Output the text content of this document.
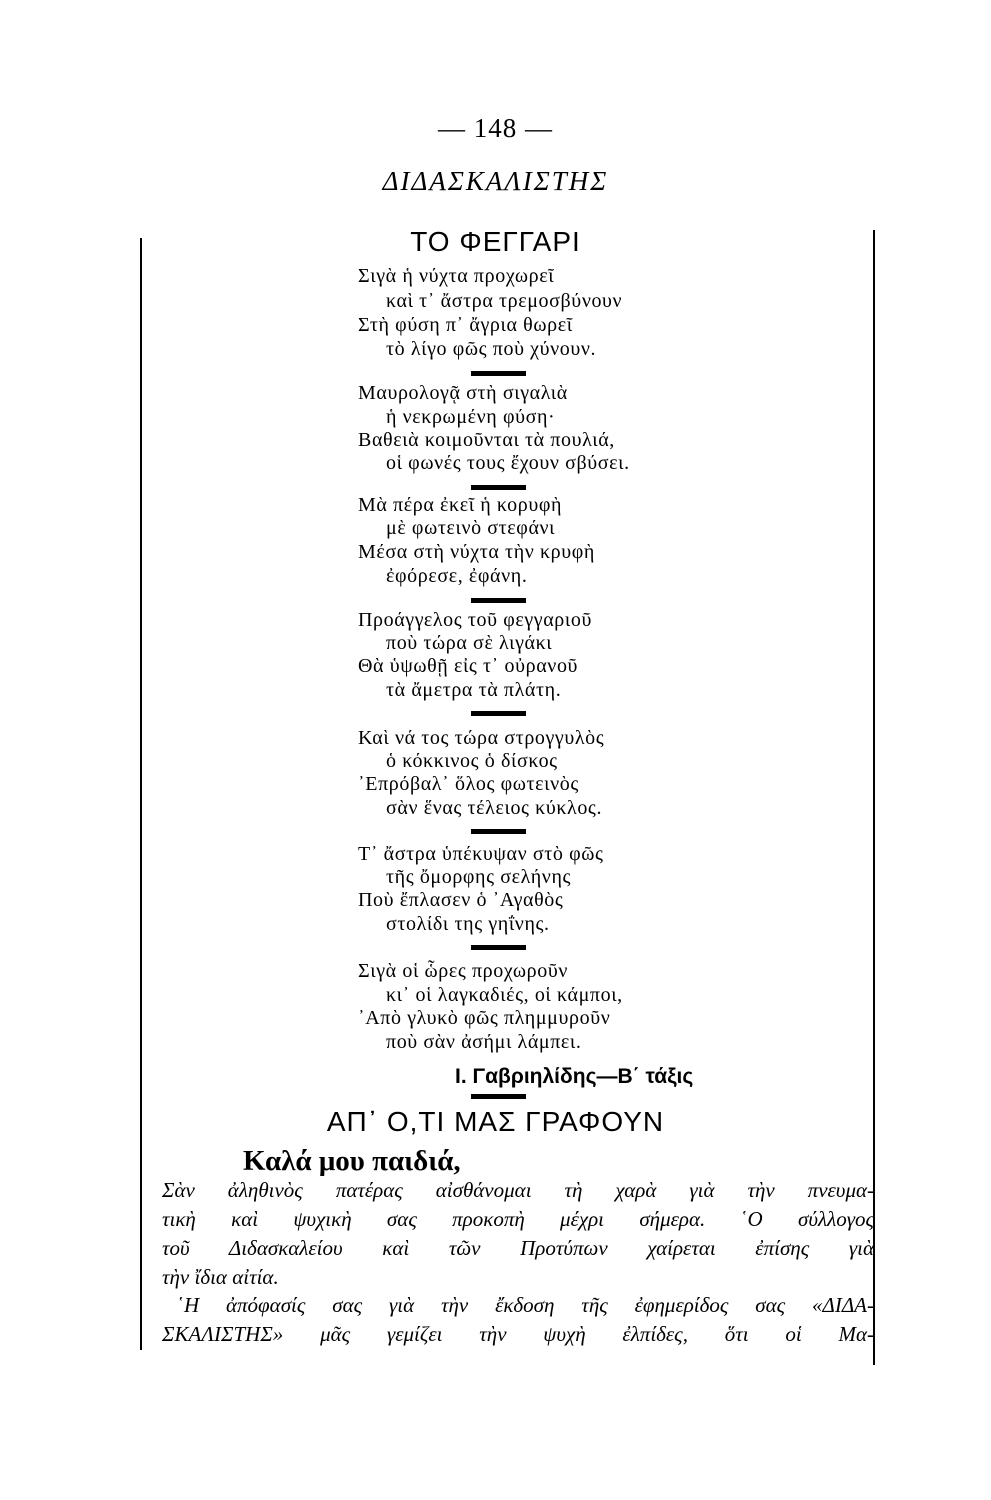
— 148 —
ΔΙΔΑΣΚΑΛΙΣΤΗΣ
ΤΟ ΦΕΓΓΑΡΙ
Σιγὰ ἡ νύχτα προχωρεῖ
καὶ τ᾽ ἄστρα τρεμοσβύνουν
Στὴ φύση π᾽ ἄγρια θωρεῖ
τὸ λίγο φῶς ποὺ χύνουν.
Μαυρολογᾷ στὴ σιγαλιὰ
ἡ νεκρωμένη φύση·
Βαθειὰ κοιμοῦνται τὰ πουλιά,
οἱ φωνές τους ἔχουν σβύσει.
Μὰ πέρα ἐκεῖ ἡ κορυφὴ
μὲ φωτεινὸ στεφάνι
Μέσα στὴ νύχτα τὴν κρυφὴ
ἐφόρεσε, ἐφάνη.
Προάγγελος τοῦ φεγγαριοῦ
ποὺ τώρα σὲ λιγάκι
Θὰ ὑψωθῇ εἰς τ᾽ οὐρανοῦ
τὰ ἄμετρα τὰ πλάτη.
Καὶ νά τος τώρα στρογγυλὸς
ὁ κόκκινος ὁ δίσκος
᾽Επρόβαλ᾽ ὅλος φωτεινὸς
σὰν ἕνας τέλειος κύκλος.
Τ᾽ ἄστρα ὑπέκυψαν στὸ φῶς
τῆς ὄμορφης σελήνης
Ποὺ ἔπλασεν ὁ ᾽Αγαθὸς
στολίδι της γηΐνης.
Σιγὰ οἱ ὧρες προχωροῦν
κι᾽ οἱ λαγκαδιές, οἱ κάμποι,
᾽Απὸ γλυκὸ φῶς πλημμυροῦν
ποὺ σὰν ἀσήμι λάμπει.
Ι. Γαβριηλίδης—Β΄ τάξις
ΑΠ᾽ Ο,ΤΙ ΜΑΣ ΓΡΑΦΟΥΝ
Καλά μου παιδιά,
Σὰν ἀληθινὸς πατέρας αἰσθάνομαι τὴ χαρὰ γιὰ τὴν πνευμα-
τικὴ καὶ ψυχικὴ σας προκοπὴ μέχρι σήμερα. ῾Ο σύλλογος
τοῦ Διδασκαλείου καὶ τῶν Προτύπων χαίρεται ἐπίσης γιὰ
τὴν ἴδια αἰτία.
῾Η ἀπόφασίς σας γιὰ τὴν ἔκδοση τῆς ἐφημερίδος σας «ΔΙΔΑ-
ΣΚΑΛΙΣΤΗΣ» μᾶς γεμίζει τὴν ψυχὴ ἐλπίδες, ὅτι οἱ Μα-
